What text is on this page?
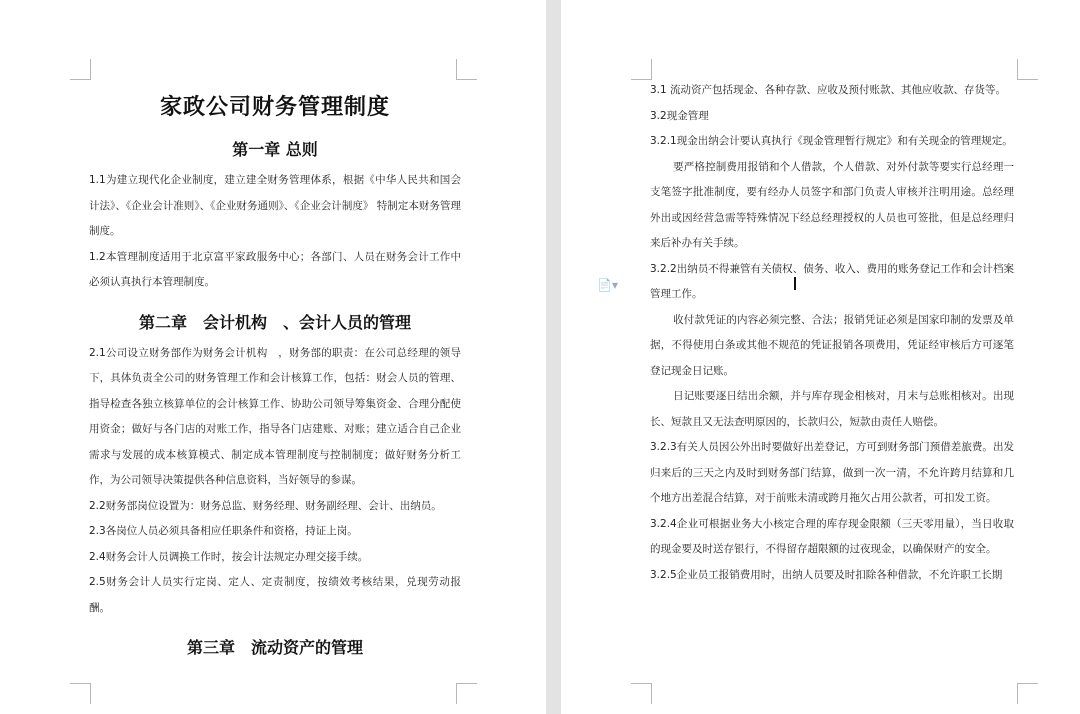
家政公司财务管理制度
第一章 总则

1.1为建立现代化企业制度，建立建全财务管理体系，根据《中华人民共和国会计法》、《企业会计准则》、《企业财务通则》、《企业会计制度》 特制定本财务管理制度。

1.2本管理制度适用于北京富平家政服务中心；各部门、人员在财务会计工作中必须认真执行本管理制度。

第二章　会计机构　、会计人员的管理

2.1公司设立财务部作为财务会计机构　，财务部的职责：在公司总经理的领导下，具体负责全公司的财务管理工作和会计核算工作，包括：财会人员的管理、指导检查各独立核算单位的会计核算工作、协助公司领导筹集资金、合理分配使用资金；做好与各门店的对账工作，指导各门店建账、对账；建立适合自己企业需求与发展的成本核算模式、制定成本管理制度与控制制度；做好财务分析工作，为公司领导决策提供各种信息资料，当好领导的参谋。

2.2财务部岗位设置为：财务总监、财务经理、财务副经理、会计、出纳员。

2.3各岗位人员必须具备相应任职条件和资格，持证上岗。

2.4财务会计人员调换工作时，按会计法规定办理交接手续。

2.5财务会计人员实行定岗、定人、定责制度，按绩效考核结果，兑现劳动报酬。

第三章　流动资产的管理
📄▾

3.1 流动资产包括现金、各种存款、应收及预付账款、其他应收款、存货等。

3.2现金管理

3.2.1现金出纳会计要认真执行《现金管理暂行规定》和有关现金的管理规定。

要严格控制费用报销和个人借款，个人借款、对外付款等要实行总经理一支笔签字批准制度，要有经办人员签字和部门负责人审核并注明用途。总经理外出或因经营急需等特殊情况下经总经理授权的人员也可签批，但是总经理归来后补办有关手续。

3.2.2出纳员不得兼管有关债权、债务、收入、费用的账务登记工作和会计档案管理工作。

收付款凭证的内容必须完整、合法；报销凭证必须是国家印制的发票及单据，不得使用白条或其他不规范的凭证报销各项费用，凭证经审核后方可逐笔登记现金日记账。

日记账要逐日结出余额，并与库存现金相核对，月末与总账相核对。出现长、短款且又无法查明原因的，长款归公，短款由责任人赔偿。

3.2.3有关人员因公外出时要做好出差登记，方可到财务部门预借差旅费。出发归来后的三天之内及时到财务部门结算，做到一次一清，不允许跨月结算和几个地方出差混合结算，对于前账未清或跨月拖欠占用公款者，可扣发工资。

3.2.4企业可根据业务大小核定合理的库存现金限额（三天零用量），当日收取的现金要及时送存银行，不得留存超限额的过夜现金，以确保财产的安全。

3.2.5企业员工报销费用时，出纳人员要及时扣除各种借款，不允许职工长期
